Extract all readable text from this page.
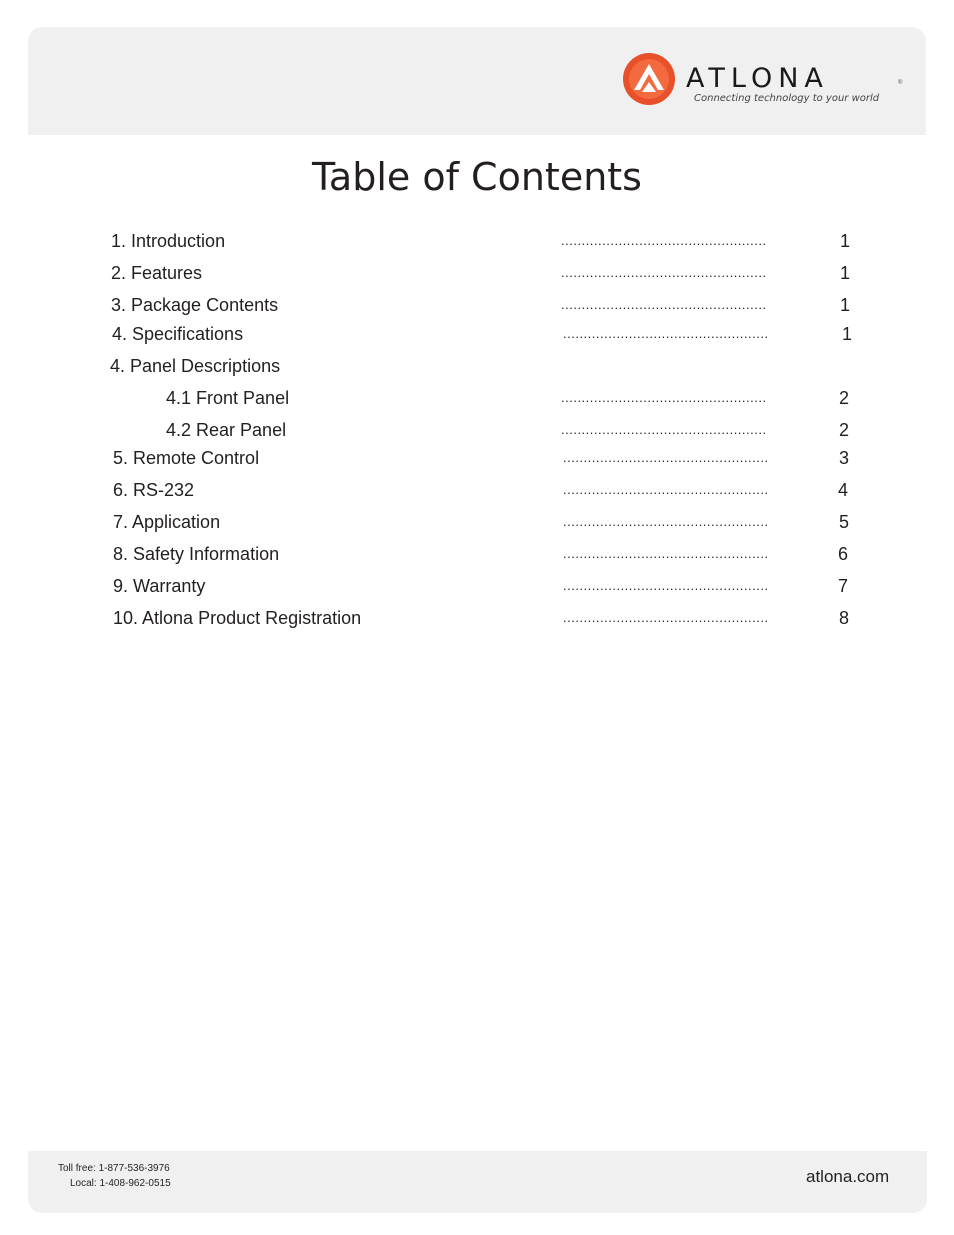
ATLONA	®
Connecting technology to your world
Table of Contents
1. Introduction	..................................................	1
2. Features	..................................................	1
3. Package Contents	..................................................	1
4. Specifications	..................................................	1
4. Panel Descriptions
4.1 Front Panel	..................................................	2
4.2 Rear Panel	..................................................	2
5. Remote Control	..................................................	3
6. RS-232	..................................................	4
7. Application	..................................................	5
8. Safety Information	..................................................	6
9. Warranty	..................................................	7
10. Atlona Product Registration	..................................................	8
Toll free: 1-877-536-3976
Local: 1-408-962-0515	atlona.com
